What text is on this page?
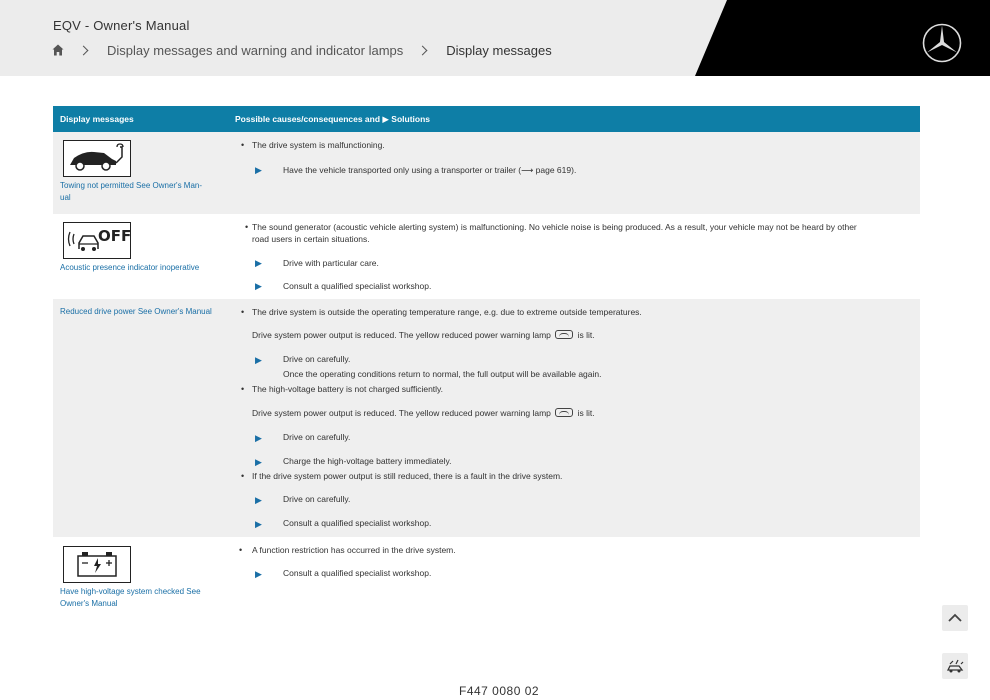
EQV - Owner's Manual
Display messages and warning and indicator lamps	Display messages
Display messages	Possible causes/consequences and ▶ Solutions
Towing not permitted See Owner's Man-
ual
• The drive system is malfunctioning.
▶ Have the vehicle transported only using a transporter or trailer (⟶ page 619).
OFF
Acoustic presence indicator inoperative
• The sound generator (acoustic vehicle alerting system) is malfunctioning. No vehicle noise is being produced. As a result, your vehicle may not be heard by other
road users in certain situations.
▶ Drive with particular care.
▶ Consult a qualified specialist workshop.
Reduced drive power See Owner's Manual	• The drive system is outside the operating temperature range, e.g. due to extreme outside temperatures.
Drive system power output is reduced. The yellow reduced power warning lamp	is lit.
▶ Drive on carefully.
Once the operating conditions return to normal, the full output will be available again.
• The high-voltage battery is not charged sufficiently.
Drive system power output is reduced. The yellow reduced power warning lamp	is lit.
▶ Drive on carefully.
▶ Charge the high-voltage battery immediately.
• If the drive system power output is still reduced, there is a fault in the drive system.
▶ Drive on carefully.
▶ Consult a qualified specialist workshop.
Have high-voltage system checked See
Owner's Manual
• A function restriction has occurred in the drive system.
▶ Consult a qualified specialist workshop.
F447 0080 02
